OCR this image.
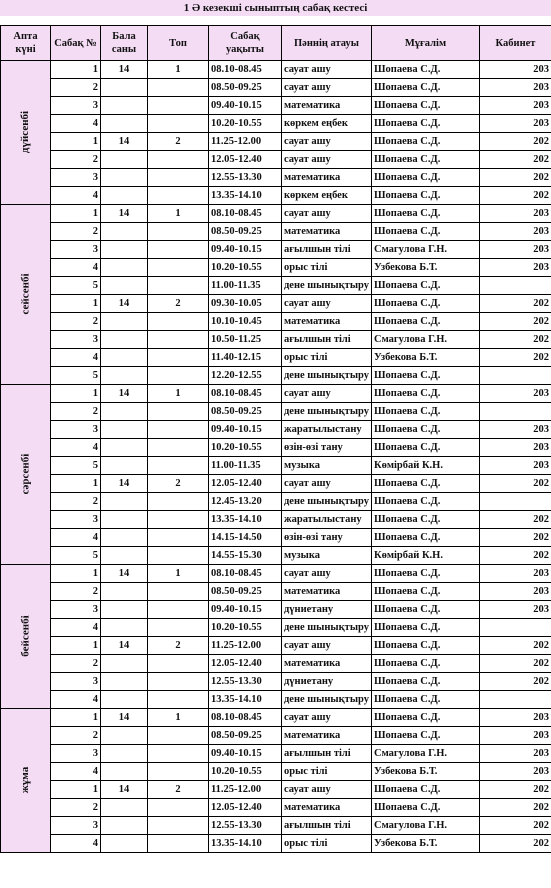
1 Ә кезекші сыныптың сабақ кестесі
Апта күні	Сабақ №	Бала саны	Топ	Сабақ уақыты	Пәннің атауы	Мұғалім	Кабинет
дүйсенбі	1	14	1	08.10-08.45	сауат ашу	Шопаева С.Д.	203
	2			08.50-09.25	сауат ашу	Шопаева С.Д.	203
	3			09.40-10.15	математика	Шопаева С.Д.	203
	4			10.20-10.55	көркем еңбек	Шопаева С.Д.	203
	1	14	2	11.25-12.00	сауат ашу	Шопаева С.Д.	202
	2			12.05-12.40	сауат ашу	Шопаева С.Д.	202
	3			12.55-13.30	математика	Шопаева С.Д.	202
	4			13.35-14.10	көркем еңбек	Шопаева С.Д.	202
сейсенбі	1	14	1	08.10-08.45	сауат ашу	Шопаева С.Д.	203
	2			08.50-09.25	математика	Шопаева С.Д.	203
	3			09.40-10.15	ағылшын тілі	Смагулова Г.Н.	203
	4			10.20-10.55	орыс тілі	Узбекова Б.Т.	203
	5			11.00-11.35	дене шынықтыру	Шопаева С.Д.	
	1	14	2	09.30-10.05	сауат ашу	Шопаева С.Д.	202
	2			10.10-10.45	математика	Шопаева С.Д.	202
	3			10.50-11.25	ағылшын тілі	Смагулова Г.Н.	202
	4			11.40-12.15	орыс тілі	Узбекова Б.Т.	202
	5			12.20-12.55	дене шынықтыру	Шопаева С.Д.	
сәрсенбі	1	14	1	08.10-08.45	сауат ашу	Шопаева С.Д.	203
	2			08.50-09.25	дене шынықтыру	Шопаева С.Д.	
	3			09.40-10.15	жаратылыстану	Шопаева С.Д.	203
	4			10.20-10.55	өзін-өзі тану	Шопаева С.Д.	203
	5			11.00-11.35	музыка	Көмірбай К.Н.	203
	1	14	2	12.05-12.40	сауат ашу	Шопаева С.Д.	202
	2			12.45-13.20	дене шынықтыру	Шопаева С.Д.	
	3			13.35-14.10	жаратылыстану	Шопаева С.Д.	202
	4			14.15-14.50	өзін-өзі тану	Шопаева С.Д.	202
	5			14.55-15.30	музыка	Көмірбай К.Н.	202
бейсенбі	1	14	1	08.10-08.45	сауат ашу	Шопаева С.Д.	203
	2			08.50-09.25	математика	Шопаева С.Д.	203
	3			09.40-10.15	дүниетану	Шопаева С.Д.	203
	4			10.20-10.55	дене шынықтыру	Шопаева С.Д.	
	1	14	2	11.25-12.00	сауат ашу	Шопаева С.Д.	202
	2			12.05-12.40	математика	Шопаева С.Д.	202
	3			12.55-13.30	дүниетану	Шопаева С.Д.	202
	4			13.35-14.10	дене шынықтыру	Шопаева С.Д.	
жұма	1	14	1	08.10-08.45	сауат ашу	Шопаева С.Д.	203
	2			08.50-09.25	математика	Шопаева С.Д.	203
	3			09.40-10.15	ағылшын тілі	Смагулова Г.Н.	203
	4			10.20-10.55	орыс тілі	Узбекова Б.Т.	203
	1	14	2	11.25-12.00	сауат ашу	Шопаева С.Д.	202
	2			12.05-12.40	математика	Шопаева С.Д.	202
	3			12.55-13.30	ағылшын тілі	Смагулова Г.Н.	202
	4			13.35-14.10	орыс тілі	Узбекова Б.Т.	202
